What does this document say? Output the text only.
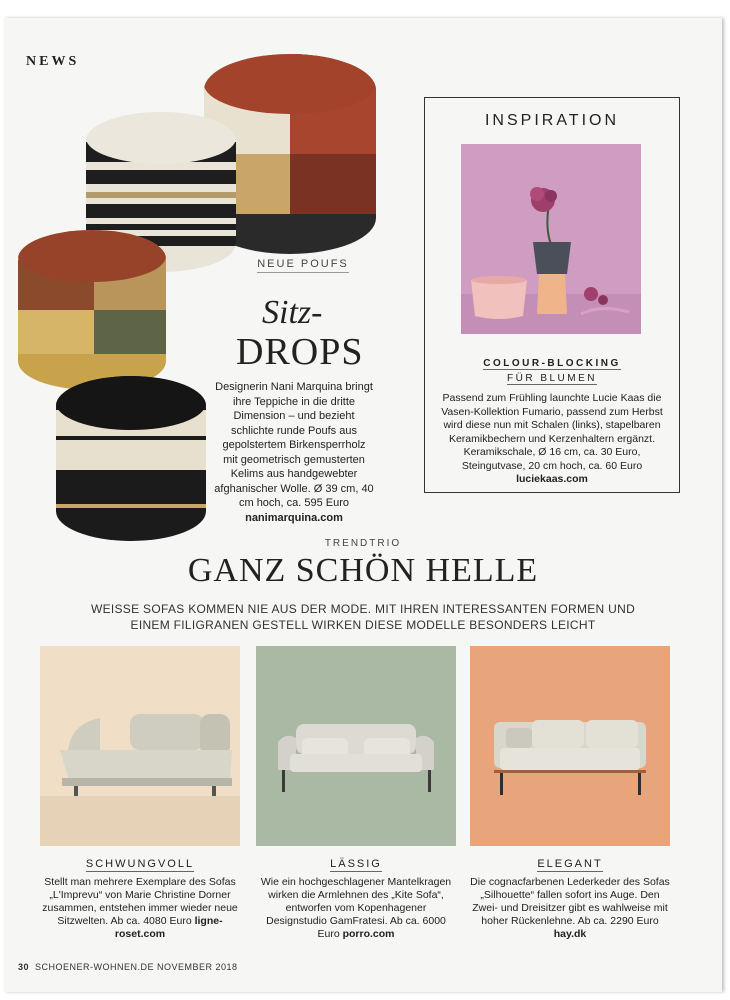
NEWS
NEUE POUFS
Sitz-
DROPS
Designerin Nani Marquina bringt ihre Teppiche in die dritte Dimension – und bezieht schlichte runde Poufs aus gepolstertem Birkensperrholz mit geometrisch gemusterten Kelims aus handgewebter afghanischer Wolle. Ø 39 cm, 40 cm hoch, ca. 595 Euro nanimarquina.com
INSPIRATION
COLOUR-BLOCKING
FÜR BLUMEN
Passend zum Frühling launchte Lucie Kaas die Vasen-Kollektion Fumario, passend zum Herbst wird diese nun mit Schalen (links), stapelbaren Keramikbechern und Kerzenhaltern ergänzt. Keramikschale, Ø 16 cm, ca. 30 Euro, Steingutvase, 20 cm hoch, ca. 60 Euro luciekaas.com
TRENDTRIO
GANZ SCHÖN HELLE
WEISSE SOFAS KOMMEN NIE AUS DER MODE. MIT IHREN INTERESSANTEN FORMEN UND
EINEM FILIGRANEN GESTELL WIRKEN DIESE MODELLE BESONDERS LEICHT
SCHWUNGVOLL
Stellt man mehrere Exemplare des Sofas „L'Imprevu“ von Marie Christine Dorner zusammen, entstehen immer wieder neue Sitzwelten. Ab ca. 4080 Euro ligne-roset.com
LÄSSIG
Wie ein hochgeschlagener Mantelkragen wirken die Armlehnen des „Kite Sofa“, entworfen vom Kopenhagener Designstudio GamFratesi. Ab ca. 6000 Euro porro.com
ELEGANT
Die cognacfarbenen Lederkeder des Sofas „Silhouette“ fallen sofort ins Auge. Den Zwei- und Dreisitzer gibt es wahlweise mit hoher Rückenlehne. Ab ca. 2290 Euro hay.dk
30 SCHOENER-WOHNEN.DE NOVEMBER 2018
